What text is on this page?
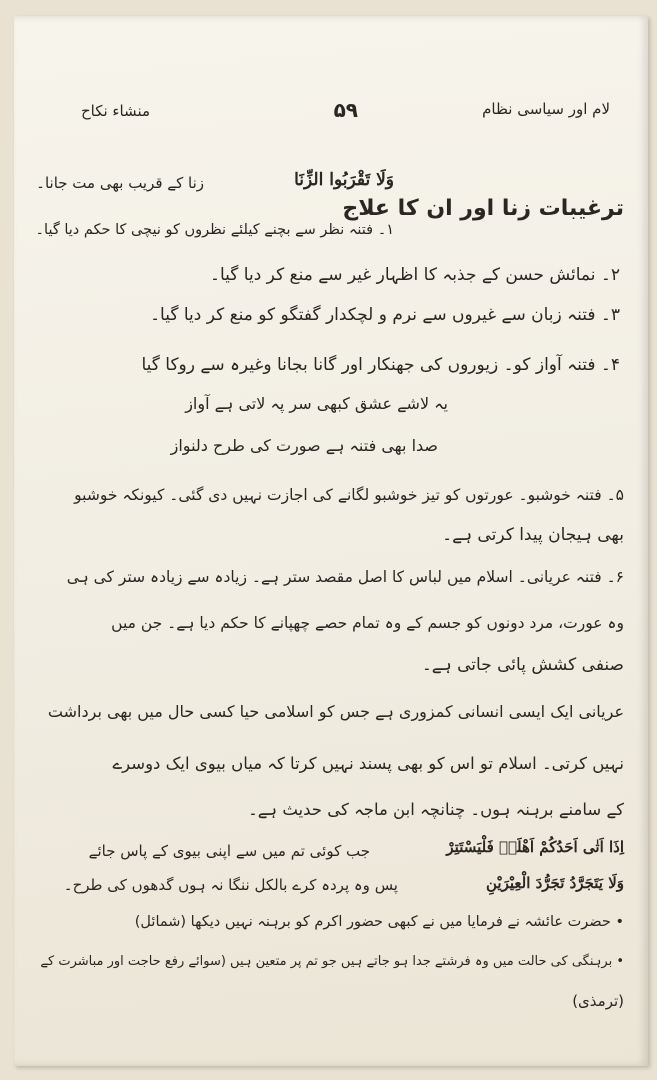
لام اور سیاسی نظام
۵۹
منشاء نکاح
ترغیبات زنا اور ان کا علاج
وَلَا تَقْرَبُوا الزِّنَا
زنا کے قریب بھی مت جانا۔
۱۔ فتنہ نظر سے بچنے کیلئے نظروں کو نیچی کا حکم دیا گیا۔
۲۔ نمائش حسن کے جذبہ کا اظہار غیر سے منع کر دیا گیا۔
۳۔ فتنہ زبان سے غیروں سے نرم و لچکدار گفتگو کو منع کر دیا گیا۔
۴۔ فتنہ آواز کو۔ زیوروں کی جھنکار اور گانا بجانا وغیرہ سے روکا گیا
یہ لاشے عشق کبھی سر پہ لاتی ہے آواز
صدا بھی فتنہ ہے صورت کی طرح دلنواز
۵۔ فتنہ خوشبو۔ عورتوں کو تیز خوشبو لگانے کی اجازت نہیں دی گئی۔ کیونکہ خوشبو
بھی ہیجان پیدا کرتی ہے۔
۶۔ فتنہ عریانی۔ اسلام میں لباس کا اصل مقصد ستر ہے۔ زیادہ سے زیادہ ستر کی ہی
وہ عورت، مرد دونوں کو جسم کے وہ تمام حصے چھپانے کا حکم دیا ہے۔ جن میں
صنفی کشش پائی جاتی ہے۔
عریانی ایک ایسی انسانی کمزوری ہے جس کو اسلامی حیا کسی حال میں بھی برداشت
نہیں کرتی۔ اسلام تو اس کو بھی پسند نہیں کرتا کہ میاں بیوی ایک دوسرے
کے سامنے برہنہ ہوں۔ چنانچہ ابن ماجہ کی حدیث ہے۔
اِذَا اَتٰی اَحَدُکُمْ اَھْلَہٗ فَلْیَسْتَتِرْ
جب کوئی تم میں سے اپنی بیوی کے پاس جائے
وَلَا یَتَجَرَّدُ تَجَرُّدَ الْعِیْرَیْنِ
پس وہ پردہ کرے بالکل ننگا نہ ہوں گدھوں کی طرح۔
• حضرت عائشہ نے فرمایا میں نے کبھی حضور اکرم کو برہنہ نہیں دیکھا (شمائل)
• برہنگی کی حالت میں وہ فرشتے جدا ہو جاتے ہیں جو تم پر متعین ہیں (سوائے رفع حاجت اور مباشرت کے
(ترمذی)
